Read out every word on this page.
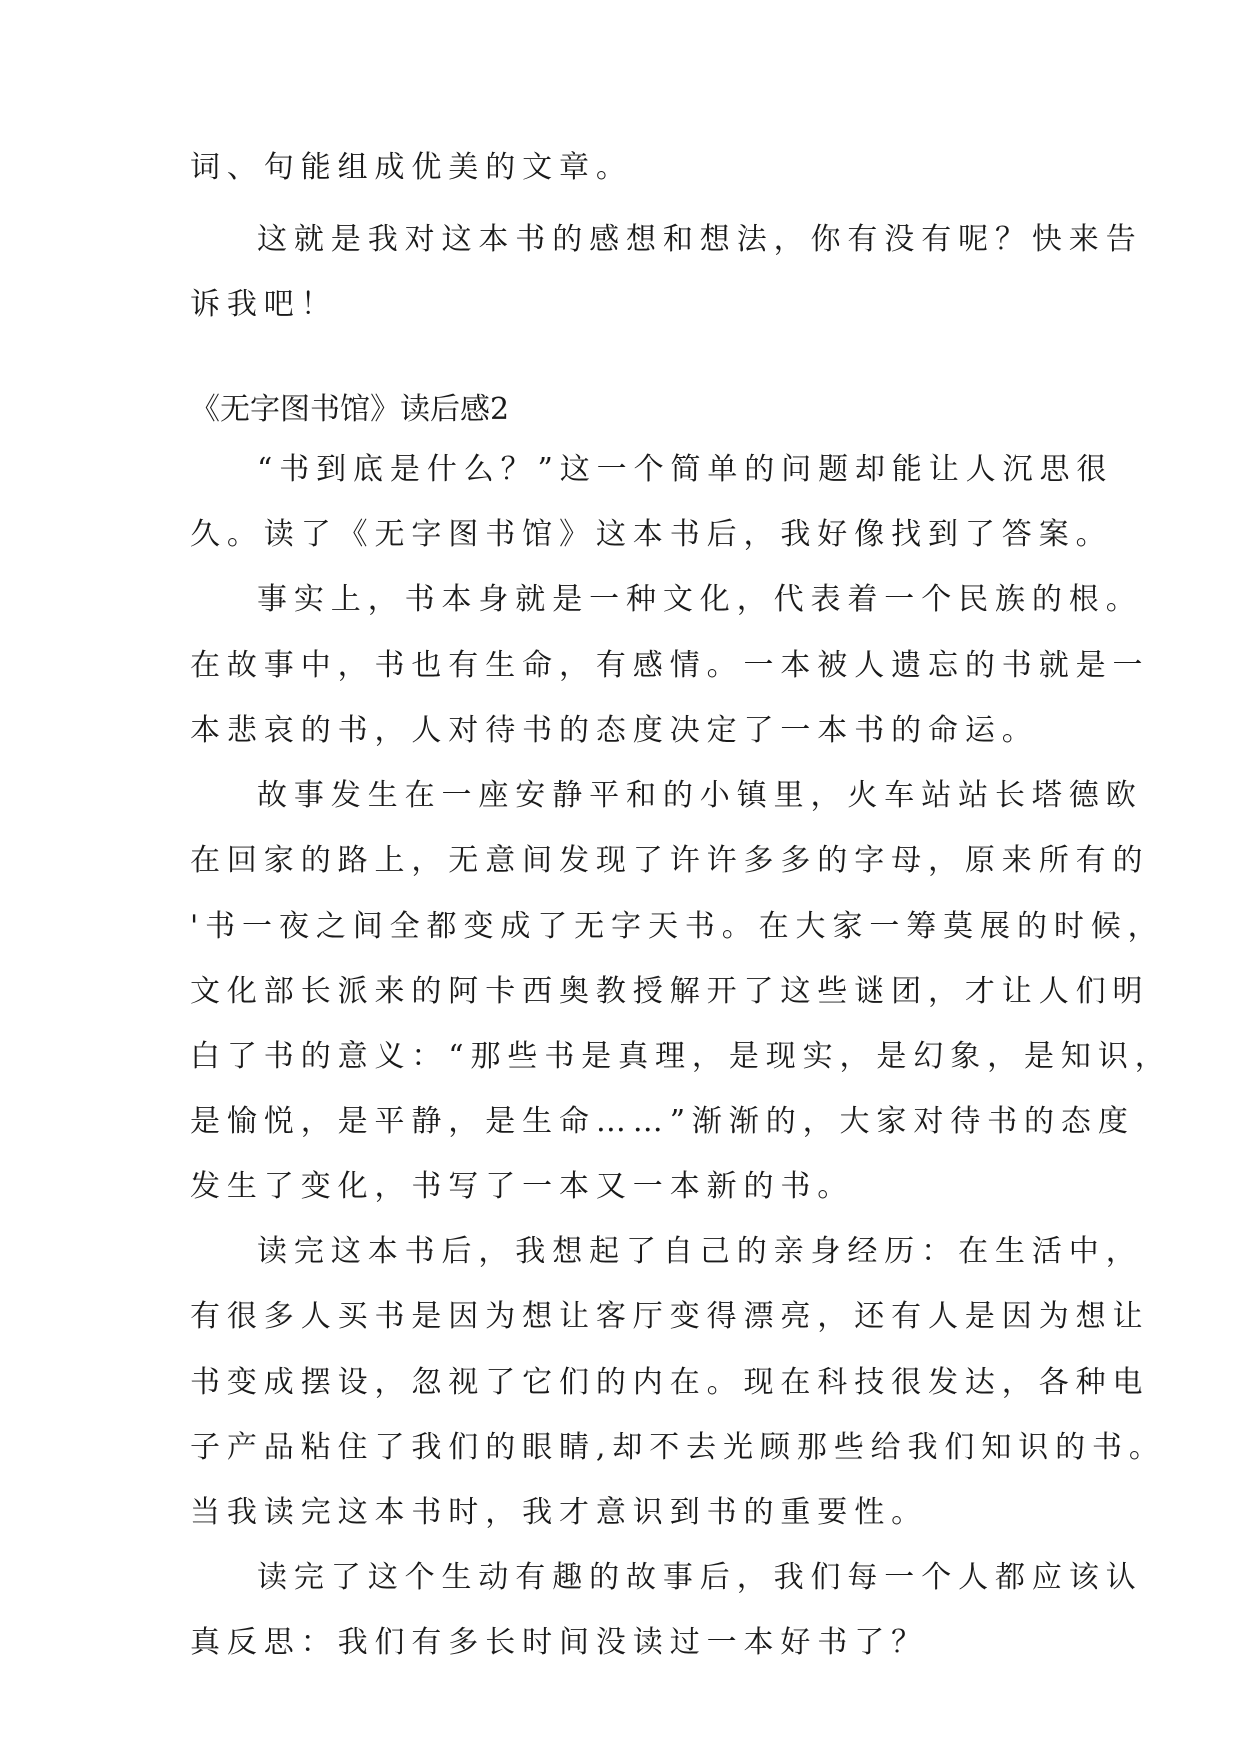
词、句能组成优美的文章。
这就是我对这本书的感想和想法，你有没有呢？快来告
诉我吧！
《无字图书馆》读后感2
“书到底是什么？”这一个简单的问题却能让人沉思很
久。读了《无字图书馆》这本书后，我好像找到了答案。
事实上，书本身就是一种文化，代表着一个民族的根。
在故事中，书也有生命，有感情。一本被人遗忘的书就是一
本悲哀的书，人对待书的态度决定了一本书的命运。
故事发生在一座安静平和的小镇里，火车站站长塔德欧
在回家的路上，无意间发现了许许多多的字母，原来所有的
'书一夜之间全都变成了无字天书。在大家一筹莫展的时候，
文化部长派来的阿卡西奥教授解开了这些谜团，才让人们明
白了书的意义：“那些书是真理，是现实，是幻象，是知识，
是愉悦，是平静，是生命……”渐渐的，大家对待书的态度
发生了变化，书写了一本又一本新的书。
读完这本书后，我想起了自己的亲身经历：在生活中，
有很多人买书是因为想让客厅变得漂亮，还有人是因为想让
书变成摆设，忽视了它们的内在。现在科技很发达，各种电
子产品粘住了我们的眼睛,却不去光顾那些给我们知识的书。
当我读完这本书时，我才意识到书的重要性。
读完了这个生动有趣的故事后，我们每一个人都应该认
真反思：我们有多长时间没读过一本好书了？
